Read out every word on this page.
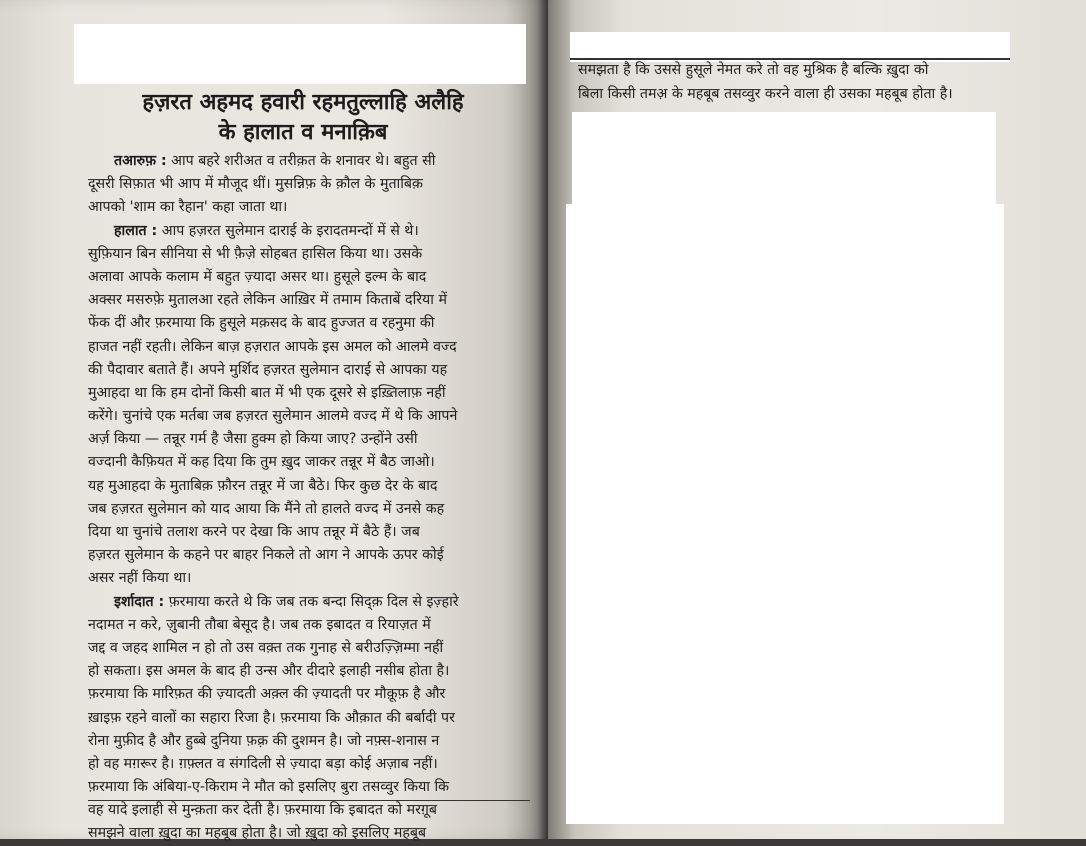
हज़रत अहमद हवारी रहमतुल्लाहि अलैहि
के हालात व मनाक़िब
तआरुफ़ : आप बहरे शरीअत व तरीक़त के शनावर थे। बहुत सी
दूसरी सिफ़ात भी आप में मौजूद थीं। मुसन्निफ़ के क़ौल के मुताबिक़
आपको 'शाम का रैहान' कहा जाता था।
हालात : आप हज़रत सुलेमान दाराई के इरादतमन्दों में से थे।
सुफ़ियान बिन सीनिया से भी फ़ैज़े सोहबत हासिल किया था। उसके
अलावा आपके कलाम में बहुत ज़्यादा असर था। हुसूले इल्म के बाद
अक्सर मसरुफ़े मुतालआ रहते लेकिन आख़िर में तमाम किताबें दरिया में
फेंक दीं और फ़रमाया कि हुसूले मक़सद के बाद हुज्जत व रहनुमा की
हाजत नहीं रहती। लेकिन बाज़ हज़रात आपके इस अमल को आलमे वज्द
की पैदावार बताते हैं। अपने मुर्शिद हज़रत सुलेमान दाराई से आपका यह
मुआहदा था कि हम दोनों किसी बात में भी एक दूसरे से इख़्तिलाफ़ नहीं
करेंगे। चुनांचे एक मर्तबा जब हज़रत सुलेमान आलमे वज्द में थे कि आपने
अर्ज़ किया — तन्नूर गर्म है जैसा हुक्म हो किया जाए? उन्होंने उसी
वज्दानी कैफ़ियत में कह दिया कि तुम ख़ुद जाकर तन्नूर में बैठ जाओ।
यह मुआहदा के मुताबिक़ फ़ौरन तन्नूर में जा बैठे। फिर कुछ देर के बाद
जब हज़रत सुलेमान को याद आया कि मैंने तो हालते वज्द में उनसे कह
दिया था चुनांचे तलाश करने पर देखा कि आप तन्नूर में बैठे हैं। जब
हज़रत सुलेमान के कहने पर बाहर निकले तो आग ने आपके ऊपर कोई
असर नहीं किया था।
इर्शादात : फ़रमाया करते थे कि जब तक बन्दा सिद्क़ दिल से इज़्हारे
नदामत न करे, ज़ुबानी तौबा बेसूद है। जब तक इबादत व रियाज़त में
जद्द व जहद शामिल न हो तो उस वक़्त तक गुनाह से बरीउज़्ज़िम्मा नहीं
हो सकता। इस अमल के बाद ही उन्स और दीदारे इलाही नसीब होता है।
फ़रमाया कि मारिफ़त की ज़्यादती अक़्ल की ज़्यादती पर मौक़ूफ़ है और
ख़ाइफ़ रहने वालों का सहारा रिजा है। फ़रमाया कि औक़ात की बर्बादी पर
रोना मुफ़ीद है और हुब्बे दुनिया फ़क़्र की दुशमन है। जो नफ़्स-शनास न
हो वह मग़रूर है। ग़फ़्लत व संगदिली से ज़्यादा बड़ा कोई अज़ाब नहीं।
फ़रमाया कि अंबिया-ए-किराम ने मौत को इसलिए बुरा तसव्वुर किया कि
वह यादे इलाही से मुन्क़ता कर देती है। फ़रमाया कि इबादत को मरग़ूब
समझने वाला ख़ुदा का महबूब होता है। जो ख़ुदा को इसलिए महबूब
समझता है कि उससे हुसूले नेमत करे तो वह मुश्रिक है बल्कि ख़ुदा को
बिला किसी तमअ़ के महबूब तसव्वुर करने वाला ही उसका महबूब होता है।
